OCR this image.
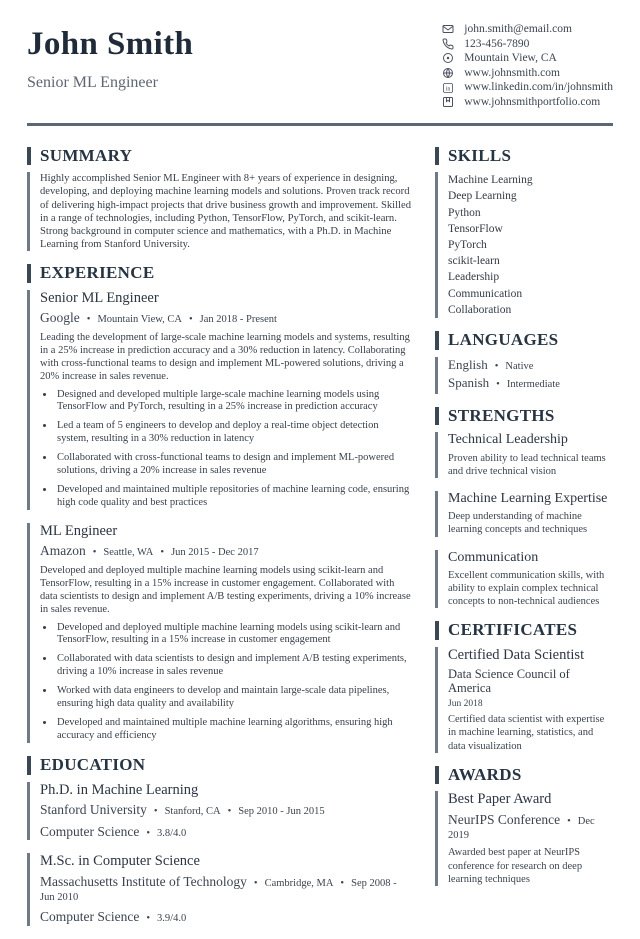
John Smith
Senior ML Engineer
john.smith@email.com
123-456-7890
Mountain View, CA
www.johnsmith.com
in www.linkedin.com/in/johnsmith
www.johnsmithportfolio.com
SUMMARY
Highly accomplished Senior ML Engineer with 8+ years of experience in designing, developing, and deploying machine learning models and solutions. Proven track record of delivering high-impact projects that drive business growth and improvement. Skilled in a range of technologies, including Python, TensorFlow, PyTorch, and scikit-learn. Strong background in computer science and mathematics, with a Ph.D. in Machine Learning from Stanford University.
EXPERIENCE
Senior ML Engineer
Google • Mountain View, CA • Jan 2018 - Present

Leading the development of large-scale machine learning models and systems, resulting in a 25% increase in prediction accuracy and a 30% reduction in latency. Collaborating with cross-functional teams to design and implement ML-powered solutions, driving a 20% increase in sales revenue.

• Designed and developed multiple large-scale machine learning models using TensorFlow and PyTorch, resulting in a 25% increase in prediction accuracy
• Led a team of 5 engineers to develop and deploy a real-time object detection system, resulting in a 30% reduction in latency
• Collaborated with cross-functional teams to design and implement ML-powered solutions, driving a 20% increase in sales revenue
• Developed and maintained multiple repositories of machine learning code, ensuring high code quality and best practices
ML Engineer
Amazon • Seattle, WA • Jun 2015 - Dec 2017

Developed and deployed multiple machine learning models using scikit-learn and TensorFlow, resulting in a 15% increase in customer engagement. Collaborated with data scientists to design and implement A/B testing experiments, driving a 10% increase in sales revenue.

• Developed and deployed multiple machine learning models using scikit-learn and TensorFlow, resulting in a 15% increase in customer engagement
• Collaborated with data scientists to design and implement A/B testing experiments, driving a 10% increase in sales revenue
• Worked with data engineers to develop and maintain large-scale data pipelines, ensuring high data quality and availability
• Developed and maintained multiple machine learning algorithms, ensuring high accuracy and efficiency
EDUCATION
Ph.D. in Machine Learning
Stanford University • Stanford, CA • Sep 2010 - Jun 2015
Computer Science • 3.8/4.0
M.Sc. in Computer Science
Massachusetts Institute of Technology • Cambridge, MA • Sep 2008 - Jun 2010
Computer Science • 3.9/4.0
SKILLS
Machine Learning
Deep Learning
Python
TensorFlow
PyTorch
scikit-learn
Leadership
Communication
Collaboration
LANGUAGES
English • Native
Spanish • Intermediate
STRENGTHS
Technical Leadership
Proven ability to lead technical teams and drive technical vision
Machine Learning Expertise
Deep understanding of machine learning concepts and techniques
Communication
Excellent communication skills, with ability to explain complex technical concepts to non-technical audiences
CERTIFICATES
Certified Data Scientist
Data Science Council of America
Jun 2018
Certified data scientist with expertise in machine learning, statistics, and data visualization
AWARDS
Best Paper Award
NeurIPS Conference • Dec 2019
Awarded best paper at NeurIPS conference for research on deep learning techniques
